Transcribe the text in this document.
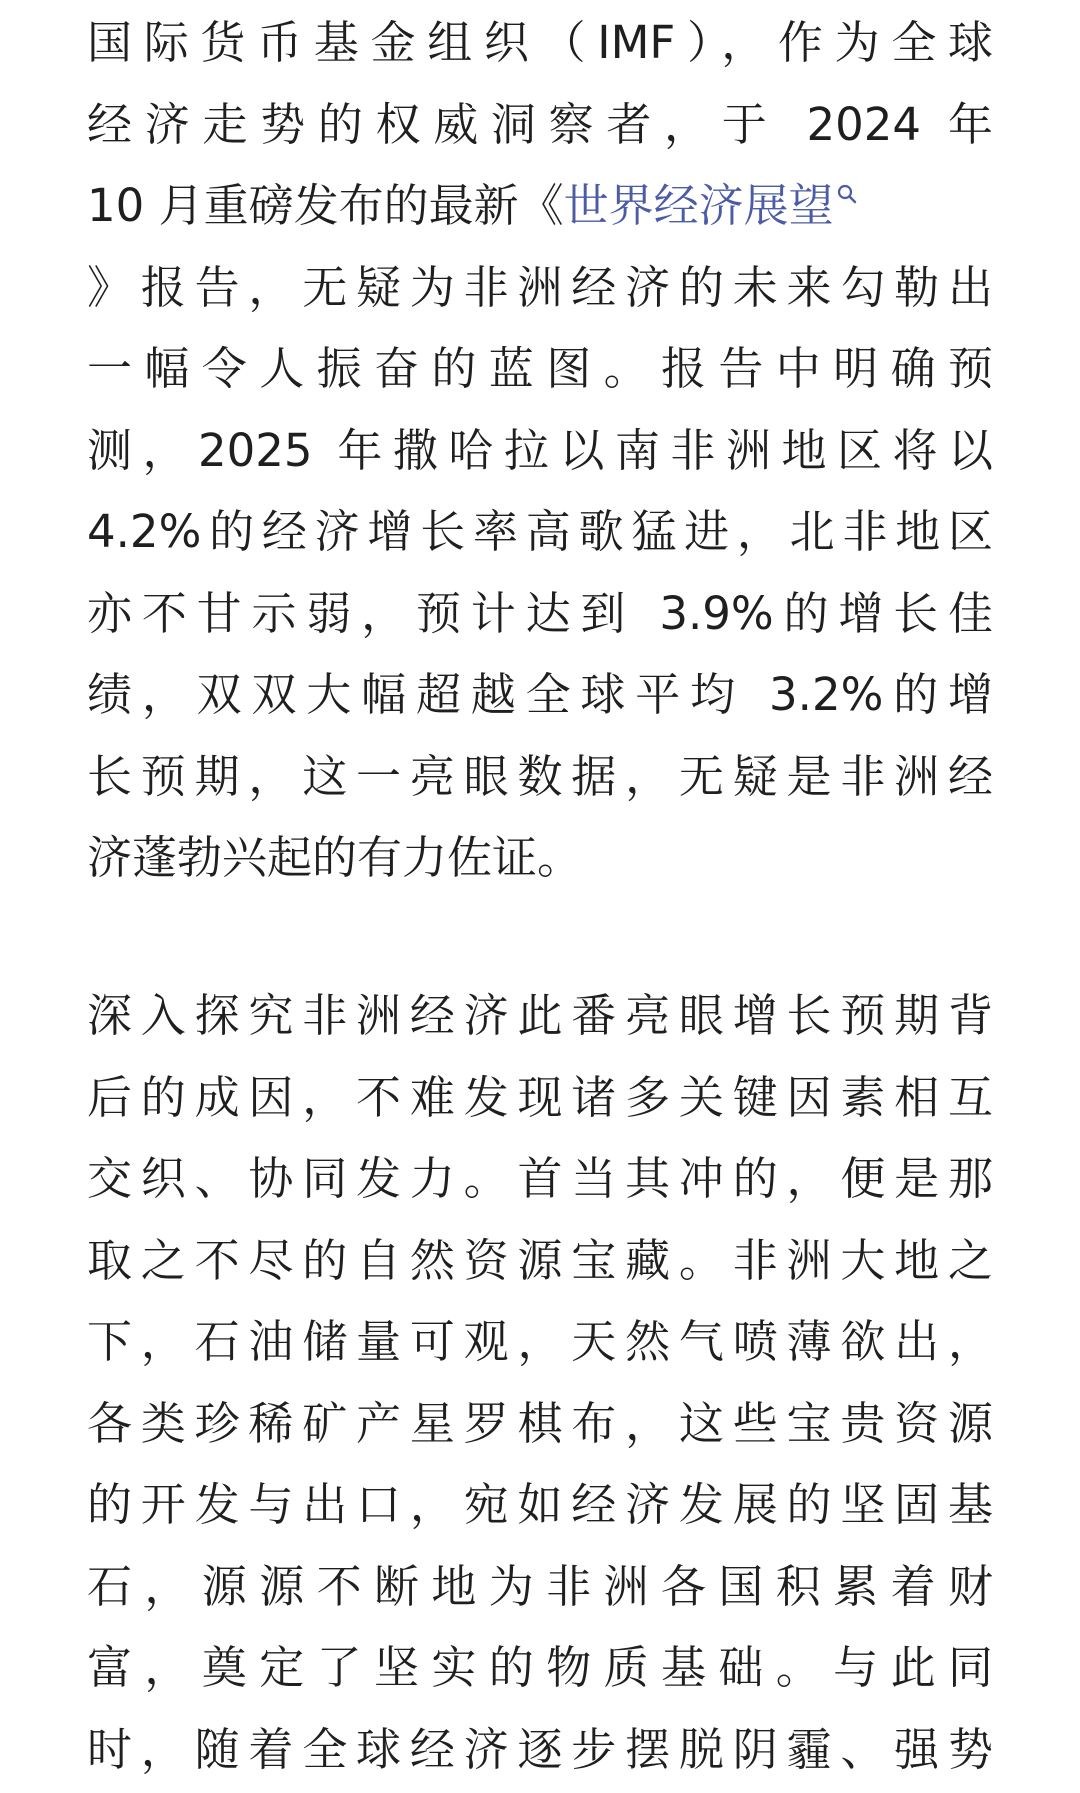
国际货币基金组织（IMF），作为全球
经济走势的权威洞察者，于 2024 年
10 月重磅发布的最新《世界经济展望
》报告，无疑为非洲经济的未来勾勒出
一幅令人振奋的蓝图。报告中明确预
测，2025 年撒哈拉以南非洲地区将以
4.2%的经济增长率高歌猛进，北非地区
亦不甘示弱，预计达到 3.9%的增长佳
绩，双双大幅超越全球平均 3.2%的增
长预期，这一亮眼数据，无疑是非洲经
济蓬勃兴起的有力佐证。
深入探究非洲经济此番亮眼增长预期背
后的成因，不难发现诸多关键因素相互
交织、协同发力。首当其冲的，便是那
取之不尽的自然资源宝藏。非洲大地之
下，石油储量可观，天然气喷薄欲出，
各类珍稀矿产星罗棋布，这些宝贵资源
的开发与出口，宛如经济发展的坚固基
石，源源不断地为非洲各国积累着财
富，奠定了坚实的物质基础。与此同
时，随着全球经济逐步摆脱阴霾、强势
